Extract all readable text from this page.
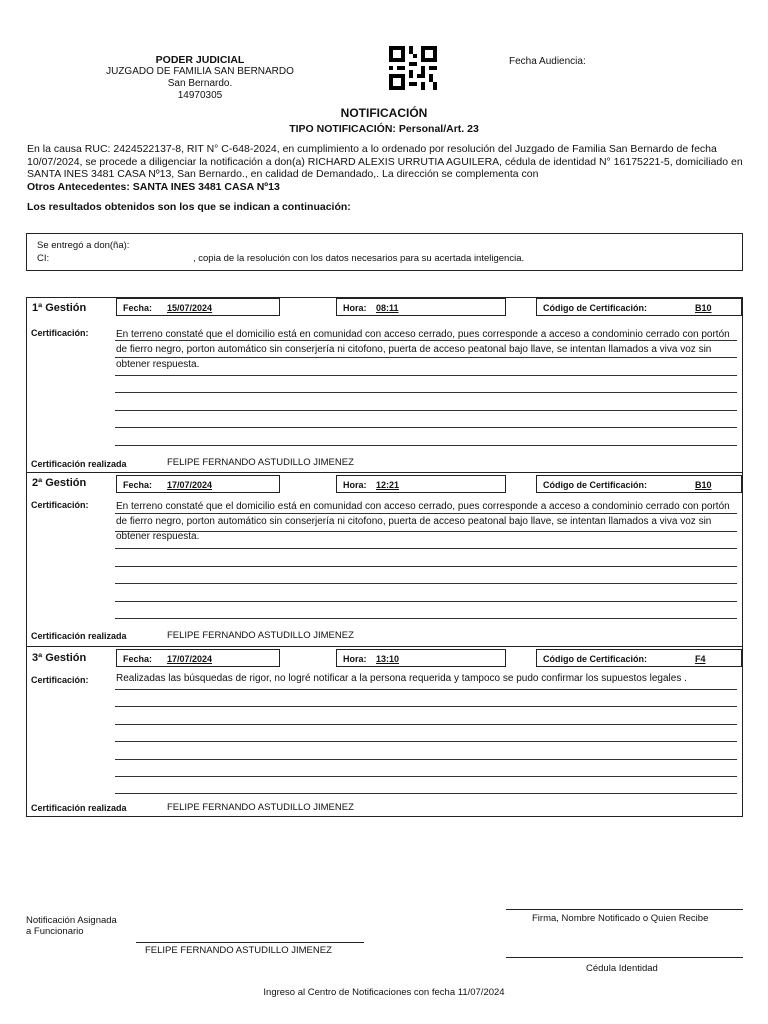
PODER JUDICIAL
JUZGADO DE FAMILIA SAN BERNARDO
San Bernardo.
14970305
Fecha Audiencia:
NOTIFICACIÓN
TIPO NOTIFICACIÓN: Personal/Art. 23
En la causa RUC: 2424522137-8, RIT N° C-648-2024, en cumplimiento a lo ordenado por resolución del Juzgado de Familia San Bernardo de fecha 10/07/2024, se procede a diligenciar la notificación a don(a) RICHARD ALEXIS URRUTIA AGUILERA, cédula de identidad N° 16175221-5, domiciliado en SANTA INES 3481 CASA Nº13, San Bernardo., en calidad de Demandado,. La dirección se complementa con
Otros Antecedentes: SANTA INES 3481 CASA Nº13
Los resultados obtenidos son los que se indican a continuación:
Se entregó a don(ña):
CI:	, copia de la resolución con los datos necesarios para su acertada inteligencia.
1ª Gestión	Fecha: 15/07/2024	Hora: 08:11	Código de Certificación:	B10
Certificación:	En terreno constaté que el domicilio está en comunidad con acceso cerrado, pues corresponde a acceso a condominio cerrado con portón de fierro negro, porton automático sin conserjería ni citofono, puerta de acceso peatonal bajo llave, se intentan llamados a viva voz sin obtener respuesta.
Certificación realizada	FELIPE FERNANDO ASTUDILLO JIMENEZ
2ª Gestión	Fecha: 17/07/2024	Hora: 12:21	Código de Certificación:	B10
Certificación:	En terreno constaté que el domicilio está en comunidad con acceso cerrado, pues corresponde a acceso a condominio cerrado con portón de fierro negro, porton automático sin conserjería ni citofono, puerta de acceso peatonal bajo llave, se intentan llamados a viva voz sin obtener respuesta.
Certificación realizada	FELIPE FERNANDO ASTUDILLO JIMENEZ
3ª Gestión	Fecha: 17/07/2024	Hora: 13:10	Código de Certificación:	F4
Certificación:	Realizadas las búsquedas de rigor, no logré notificar a la persona requerida y tampoco se pudo confirmar los supuestos legales .
Certificación realizada	FELIPE FERNANDO ASTUDILLO JIMENEZ
Notificación Asignada
a Funcionario
FELIPE FERNANDO ASTUDILLO JIMENEZ
Firma, Nombre Notificado o Quien Recibe
Cédula Identidad
Ingreso al Centro de Notificaciones con fecha 11/07/2024
